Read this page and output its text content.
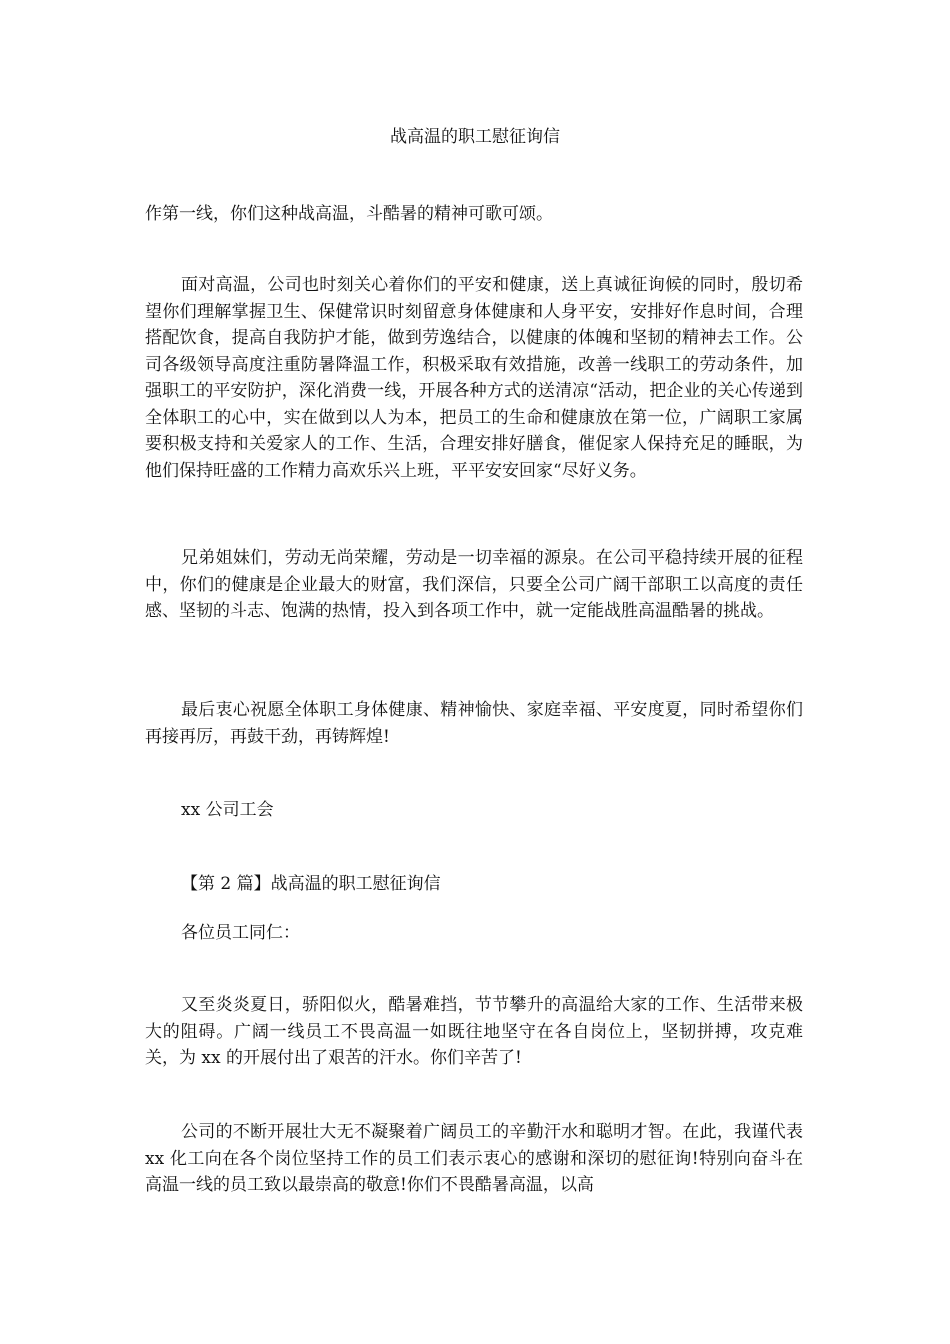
战高温的职工慰征询信

作第一线，你们这种战高温，斗酷暑的精神可歌可颂。

面对高温，公司也时刻关心着你们的平安和健康，送上真诚征询候的同时，殷切希望你们理解掌握卫生、保健常识时刻留意身体健康和人身平安，安排好作息时间，合理搭配饮食，提高自我防护才能，做到劳逸结合，以健康的体魄和坚韧的精神去工作。公司各级领导高度注重防暑降温工作，积极采取有效措施，改善一线职工的劳动条件，加强职工的平安防护，深化消费一线，开展各种方式的送清凉“活动，把企业的关心传递到全体职工的心中，实在做到以人为本，把员工的生命和健康放在第一位，广阔职工家属要积极支持和关爱家人的工作、生活，合理安排好膳食，催促家人保持充足的睡眠，为他们保持旺盛的工作精力高欢乐兴上班，平平安安回家“尽好义务。

兄弟姐妹们，劳动无尚荣耀，劳动是一切幸福的源泉。在公司平稳持续开展的征程中，你们的健康是企业最大的财富，我们深信，只要全公司广阔干部职工以高度的责任感、坚韧的斗志、饱满的热情，投入到各项工作中，就一定能战胜高温酷暑的挑战。

最后衷心祝愿全体职工身体健康、精神愉快、家庭幸福、平安度夏，同时希望你们再接再厉，再鼓干劲，再铸辉煌!

xx 公司工会

【第 2 篇】战高温的职工慰征询信

各位员工同仁：

又至炎炎夏日，骄阳似火，酷暑难挡，节节攀升的高温给大家的工作、生活带来极大的阻碍。广阔一线员工不畏高温一如既往地坚守在各自岗位上，坚韧拼搏，攻克难关，为 xx 的开展付出了艰苦的汗水。你们辛苦了!

公司的不断开展壮大无不凝聚着广阔员工的辛勤汗水和聪明才智。在此，我谨代表 xx 化工向在各个岗位坚持工作的员工们表示衷心的感谢和深切的慰征询!特别向奋斗在高温一线的员工致以最崇高的敬意!你们不畏酷暑高温，以高
